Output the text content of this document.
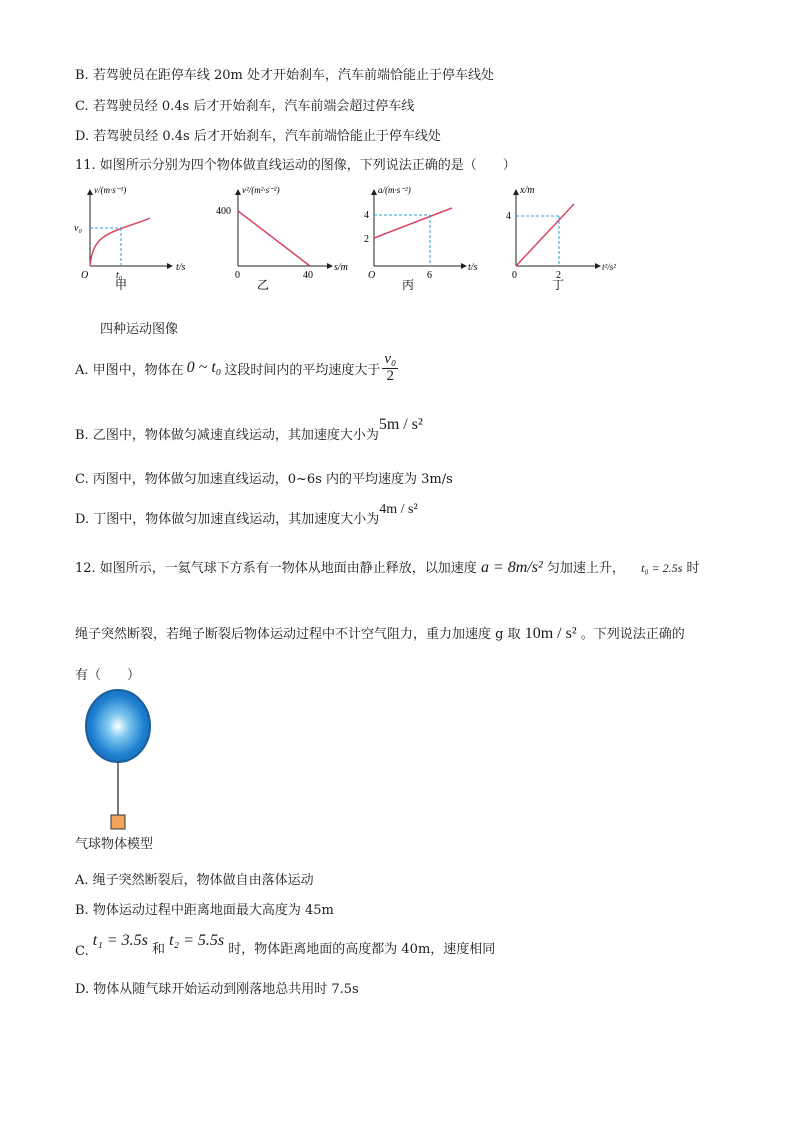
B. 若驾驶员在距停车线 20m 处才开始刹车，汽车前端恰能止于停车线处
C. 若驾驶员经 0.4s 后才开始刹车，汽车前端会超过停车线
D. 若驾驶员经 0.4s 后才开始刹车，汽车前端恰能止于停车线处
11. 如图所示分别为四个物体做直线运动的图像，下列说法正确的是（　　）
v/(m·s⁻¹)
t/s
v₀
O	t₀
甲
v²/(m²·s⁻²)
s/m
400
0	40
乙
a/(m·s⁻²)
t/s
4
2
O	6
丙
x/m
t²/s²
4
0	2
丁
四种运动图像
A. 甲图中，物体在 0 ~ t₀ 这段时间内的平均速度大于 $\frac{\text{v₀}}{2}$
B. 乙图中，物体做匀减速直线运动，其加速度大小为5m / s²
C. 丙图中，物体做匀加速直线运动，0~6s 内的平均速度为 3m/s
D. 丁图中，物体做匀加速直线运动，其加速度大小为4m / s²
12. 如图所示，一氦气球下方系有一物体从地面由静止释放，以加速度 a = 8m/s² 匀加速上升， t₀ = 2.5s 时
绳子突然断裂，若绳子断裂后物体运动过程中不计空气阻力，重力加速度 g 取 10m / s² 。下列说法正确的
有（　　）
气球物体模型
A. 绳子突然断裂后，物体做自由落体运动
B. 物体运动过程中距离地面最大高度为 45m
C. t₁ = 3.5s 和 t₂ = 5.5s 时，物体距离地面的高度都为 40m，速度相同
D. 物体从随气球开始运动到刚落地总共用时 7.5s
